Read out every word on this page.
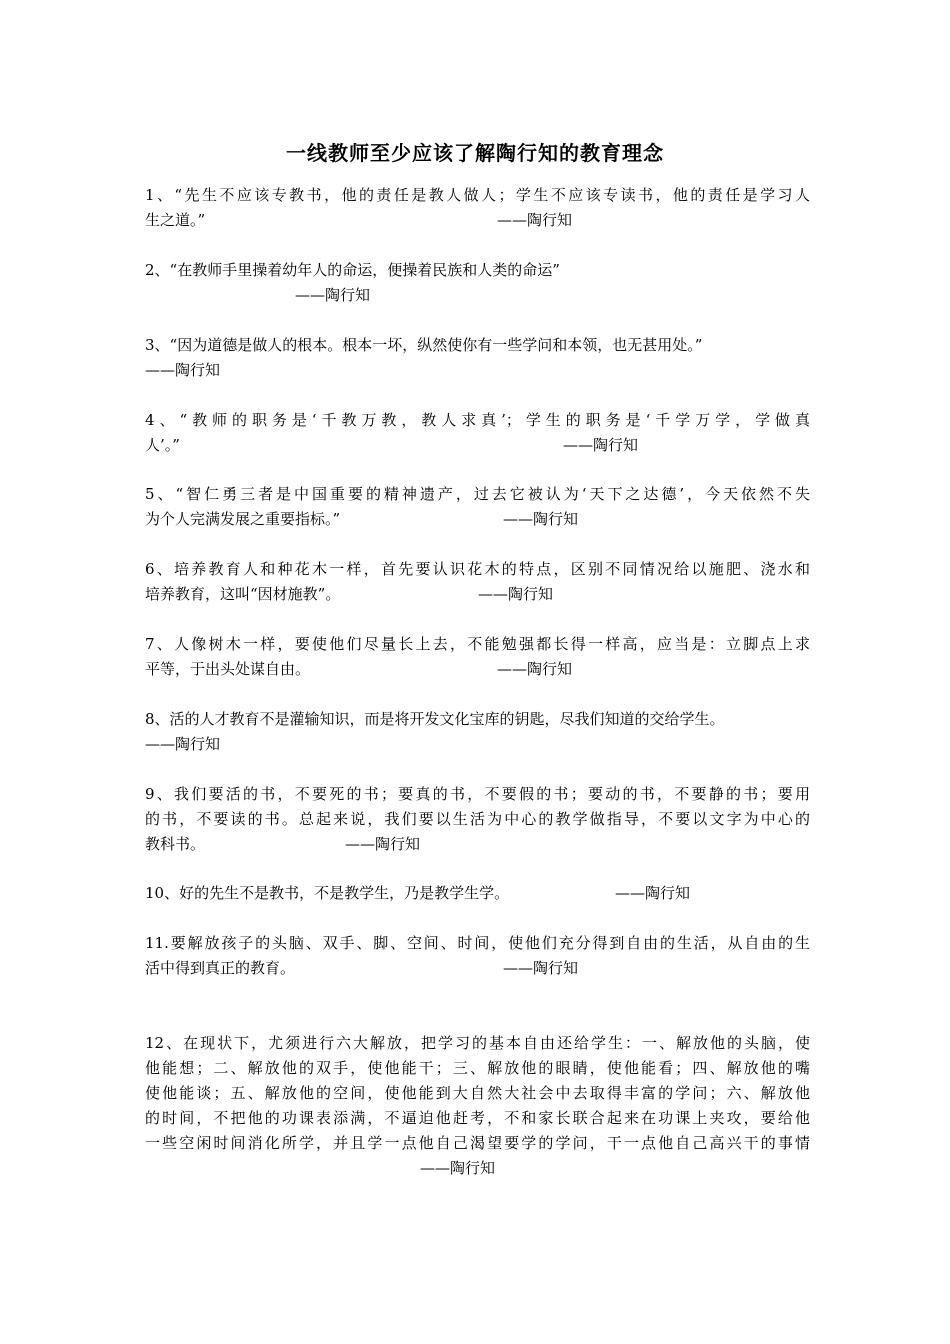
一线教师至少应该了解陶行知的教育理念
1、“先生不应该专教书，他的责任是教人做人；学生不应该专读书，他的责任是学习人
生之道。”	——陶行知
2、“在教师手里操着幼年人的命运，便操着民族和人类的命运”
——陶行知
3、“因为道德是做人的根本。根本一坏，纵然使你有一些学问和本领，也无甚用处。”
——陶行知
4、“教师的职务是‘千教万教，教人求真’；学生的职务是‘千学万学，学做真
人’。”	——陶行知
5、“智仁勇三者是中国重要的精神遗产，过去它被认为‘天下之达德’，今天依然不失
为个人完满发展之重要指标。”	——陶行知
6、培养教育人和种花木一样，首先要认识花木的特点，区别不同情况给以施肥、浇水和
培养教育，这叫“因材施教”。	——陶行知
7、人像树木一样，要使他们尽量长上去，不能勉强都长得一样高，应当是：立脚点上求
平等，于出头处谋自由。	——陶行知
8、活的人才教育不是灌输知识，而是将开发文化宝库的钥匙，尽我们知道的交给学生。
——陶行知
9、我们要活的书，不要死的书；要真的书，不要假的书；要动的书，不要静的书；要用
的书，不要读的书。总起来说，我们要以生活为中心的教学做指导，不要以文字为中心的
教科书。	——陶行知
10、好的先生不是教书，不是教学生，乃是教学生学。	——陶行知
11.要解放孩子的头脑、双手、脚、空间、时间，使他们充分得到自由的生活，从自由的生
活中得到真正的教育。	——陶行知
12、在现状下，尤须进行六大解放，把学习的基本自由还给学生：一、解放他的头脑，使
他能想；二、解放他的双手，使他能干；三、解放他的眼睛，使他能看；四、解放他的嘴
使他能谈；五、解放他的空间，使他能到大自然大社会中去取得丰富的学问；六、解放他
的时间，不把他的功课表添满，不逼迫他赶考，不和家长联合起来在功课上夹攻，要给他
一些空闲时间消化所学，并且学一点他自己渴望要学的学问，干一点他自己高兴干的事情
——陶行知
